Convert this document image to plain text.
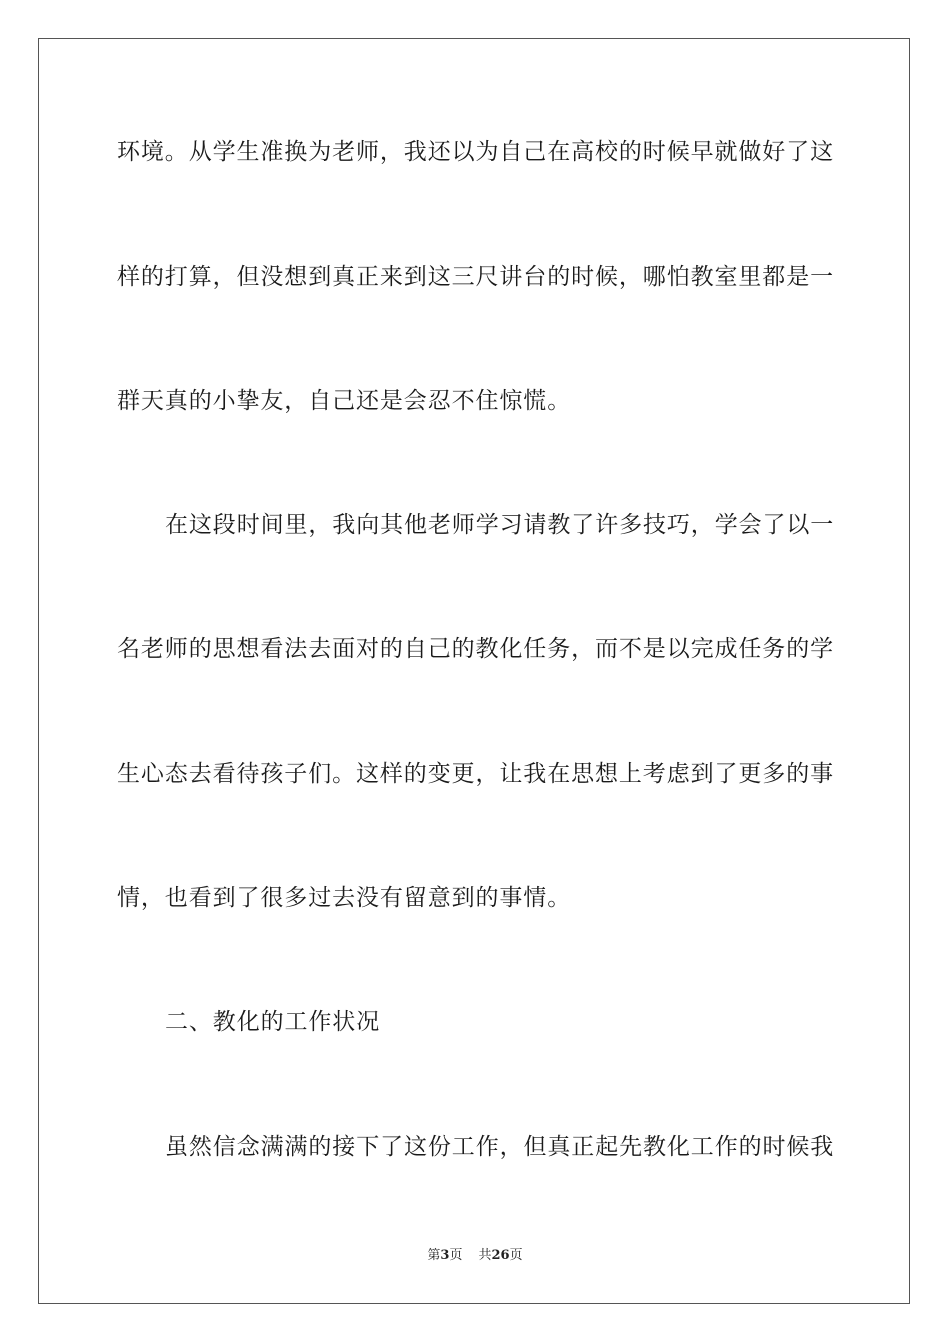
环境。从学生准换为老师，我还以为自己在高校的时候早就做好了这
样的打算，但没想到真正来到这三尺讲台的时候，哪怕教室里都是一
群天真的小挚友，自己还是会忍不住惊慌。
在这段时间里，我向其他老师学习请教了许多技巧，学会了以一
名老师的思想看法去面对的自己的教化任务，而不是以完成任务的学
生心态去看待孩子们。这样的变更，让我在思想上考虑到了更多的事
情，也看到了很多过去没有留意到的事情。
二、教化的工作状况
虽然信念满满的接下了这份工作，但真正起先教化工作的时候我
第3页 共26页
